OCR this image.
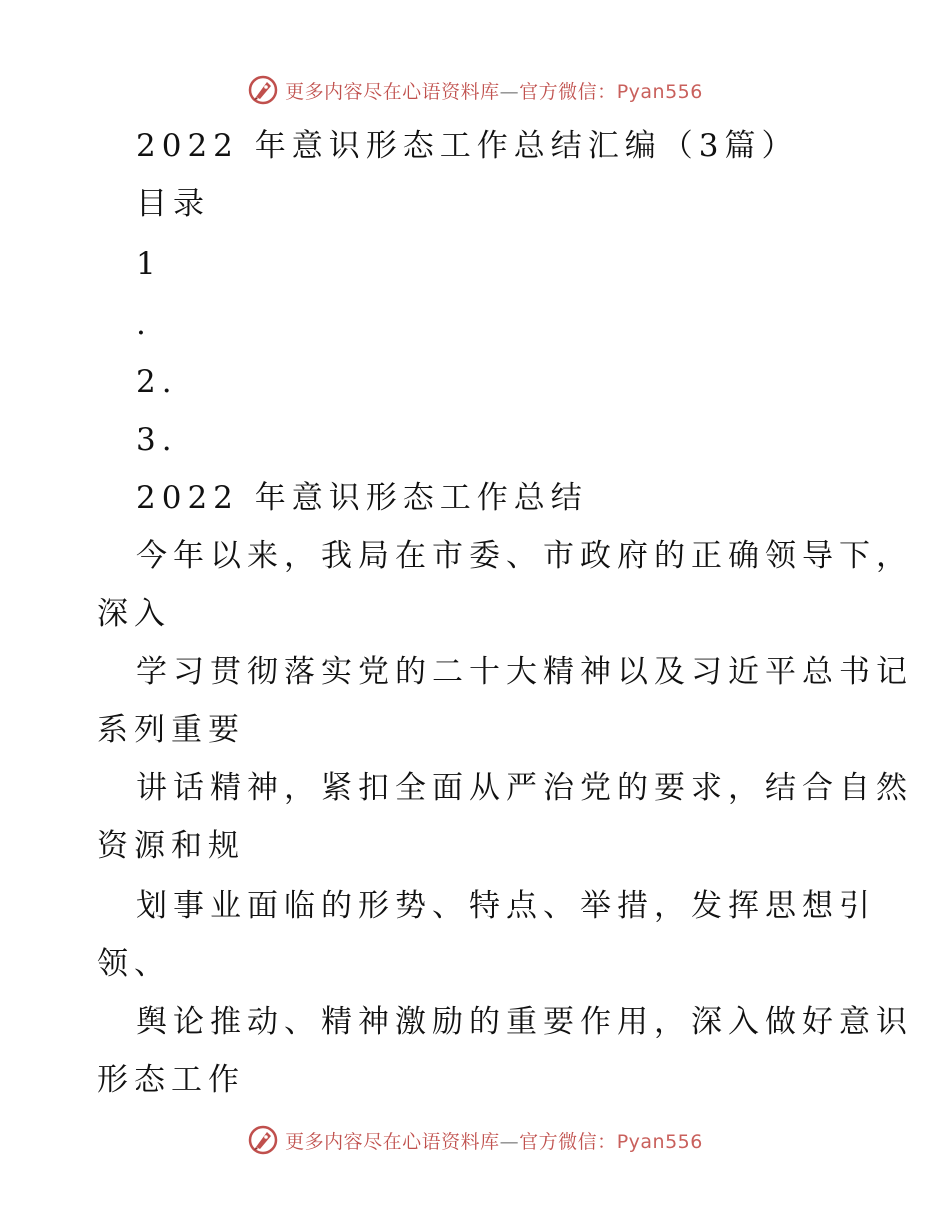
更多内容尽在心语资料库—官方微信：Pyan556
2022 年意识形态工作总结汇编（3篇）
目录
1
.
2.
3.
2022 年意识形态工作总结
今年以来，我局在市委、市政府的正确领导下，
深入
学习贯彻落实党的二十大精神以及习近平总书记
系列重要
讲话精神，紧扣全面从严治党的要求，结合自然
资源和规
划事业面临的形势、特点、举措，发挥思想引
领、
舆论推动、精神激励的重要作用，深入做好意识
形态工作
更多内容尽在心语资料库—官方微信：Pyan556
